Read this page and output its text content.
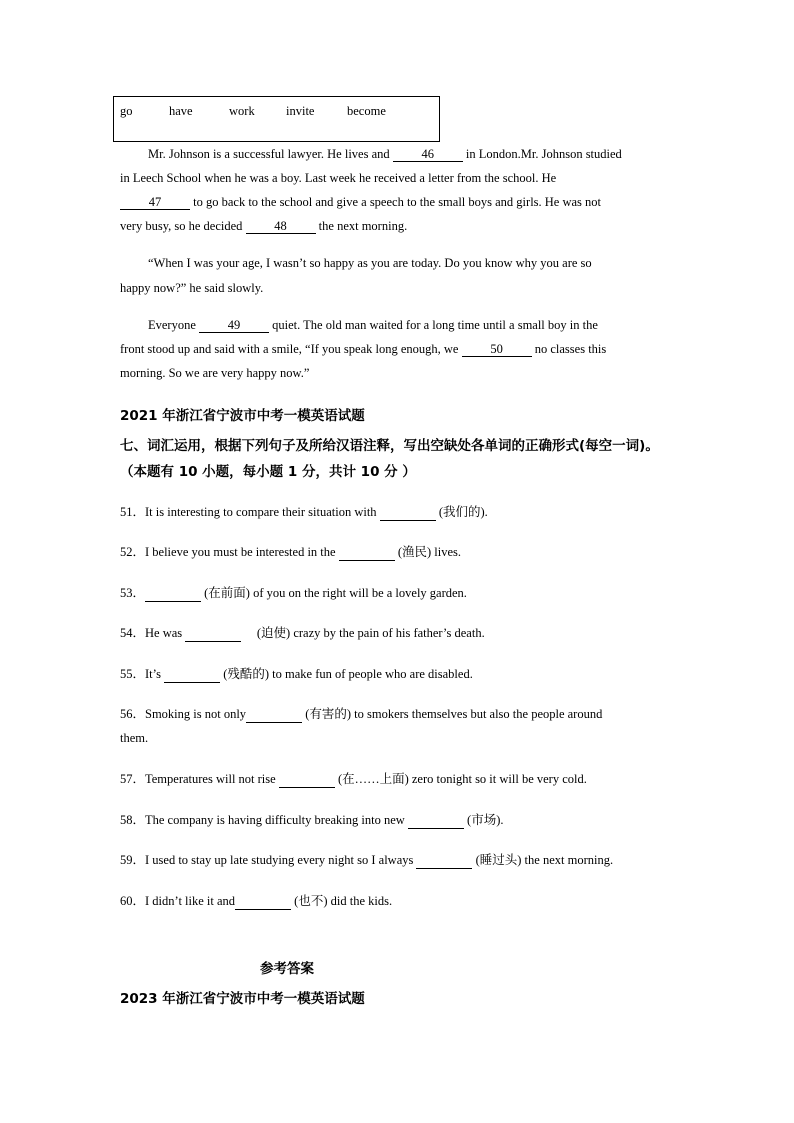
go	have	work	invite	become
Mr. Johnson is a successful lawyer. He lives and 46 in London.Mr. Johnson studied
in Leech School when he was a boy. Last week he received a letter from the school. He
47 to go back to the school and give a speech to the small boys and girls. He was not
very busy, so he decided 48 the next morning.
“When I was your age, I wasn’t so happy as you are today. Do you know why you are so
happy now?” he said slowly.
Everyone 49 quiet. The old man waited for a long time until a small boy in the
front stood up and said with a smile, “If you speak long enough, we 50 no classes this
morning. So we are very happy now.”
2021 年浙江省宁波市中考一模英语试题
七、词汇运用，根据下列句子及所给汉语注释，写出空缺处各单词的正确形式(每空一词)。
（本题有 10 小题，每小题 1 分，共计 10 分 ）
51．It is interesting to compare their situation with	(我们的).
52．I believe you must be interested in the	(渔民) lives.
53．	(在前面) of you on the right will be a lovely garden.
54．He was	(迫使) crazy by the pain of his father’s death.
55．It’s	(残酷的) to make fun of people who are disabled.
56．Smoking is not only	(有害的) to smokers themselves but also the people around
them.
57．Temperatures will not rise	(在……上面) zero tonight so it will be very cold.
58．The company is having difficulty breaking into new	(市场).
59．I used to stay up late studying every night so I always	(睡过头) the next morning.
60．I didn’t like it and	(也不) did the kids.
参考答案
2023 年浙江省宁波市中考一模英语试题
